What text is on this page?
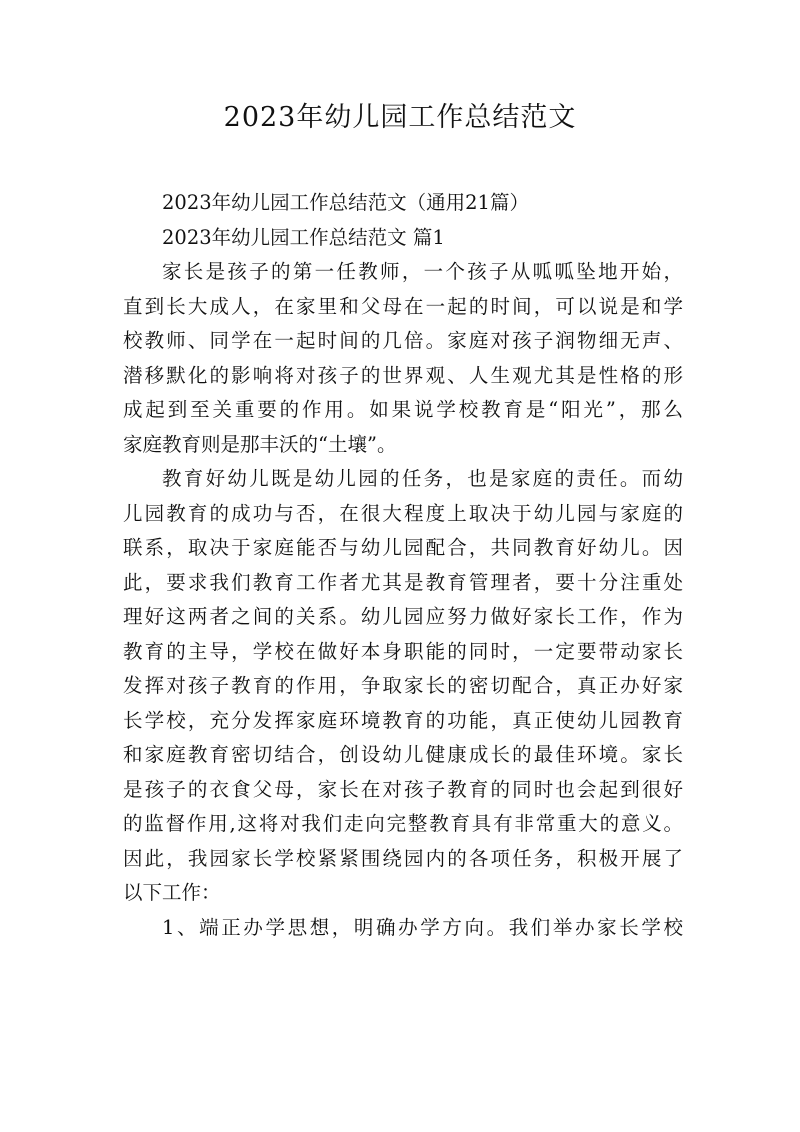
2023年幼儿园工作总结范文
2023年幼儿园工作总结范文（通用21篇）
2023年幼儿园工作总结范文 篇1
家长是孩子的第一任教师，一个孩子从呱呱坠地开始，
直到长大成人，在家里和父母在一起的时间，可以说是和学
校教师、同学在一起时间的几倍。家庭对孩子润物细无声、
潜移默化的影响将对孩子的世界观、人生观尤其是性格的形
成起到至关重要的作用。如果说学校教育是“阳光”，那么
家庭教育则是那丰沃的“土壤”。
教育好幼儿既是幼儿园的任务，也是家庭的责任。而幼
儿园教育的成功与否，在很大程度上取决于幼儿园与家庭的
联系，取决于家庭能否与幼儿园配合，共同教育好幼儿。因
此，要求我们教育工作者尤其是教育管理者，要十分注重处
理好这两者之间的关系。幼儿园应努力做好家长工作，作为
教育的主导，学校在做好本身职能的同时，一定要带动家长
发挥对孩子教育的作用，争取家长的密切配合，真正办好家
长学校，充分发挥家庭环境教育的功能，真正使幼儿园教育
和家庭教育密切结合，创设幼儿健康成长的最佳环境。家长
是孩子的衣食父母，家长在对孩子教育的同时也会起到很好
的监督作用,这将对我们走向完整教育具有非常重大的意义。
因此，我园家长学校紧紧围绕园内的各项任务，积极开展了
以下工作：
1、端正办学思想，明确办学方向。我们举办家长学校
